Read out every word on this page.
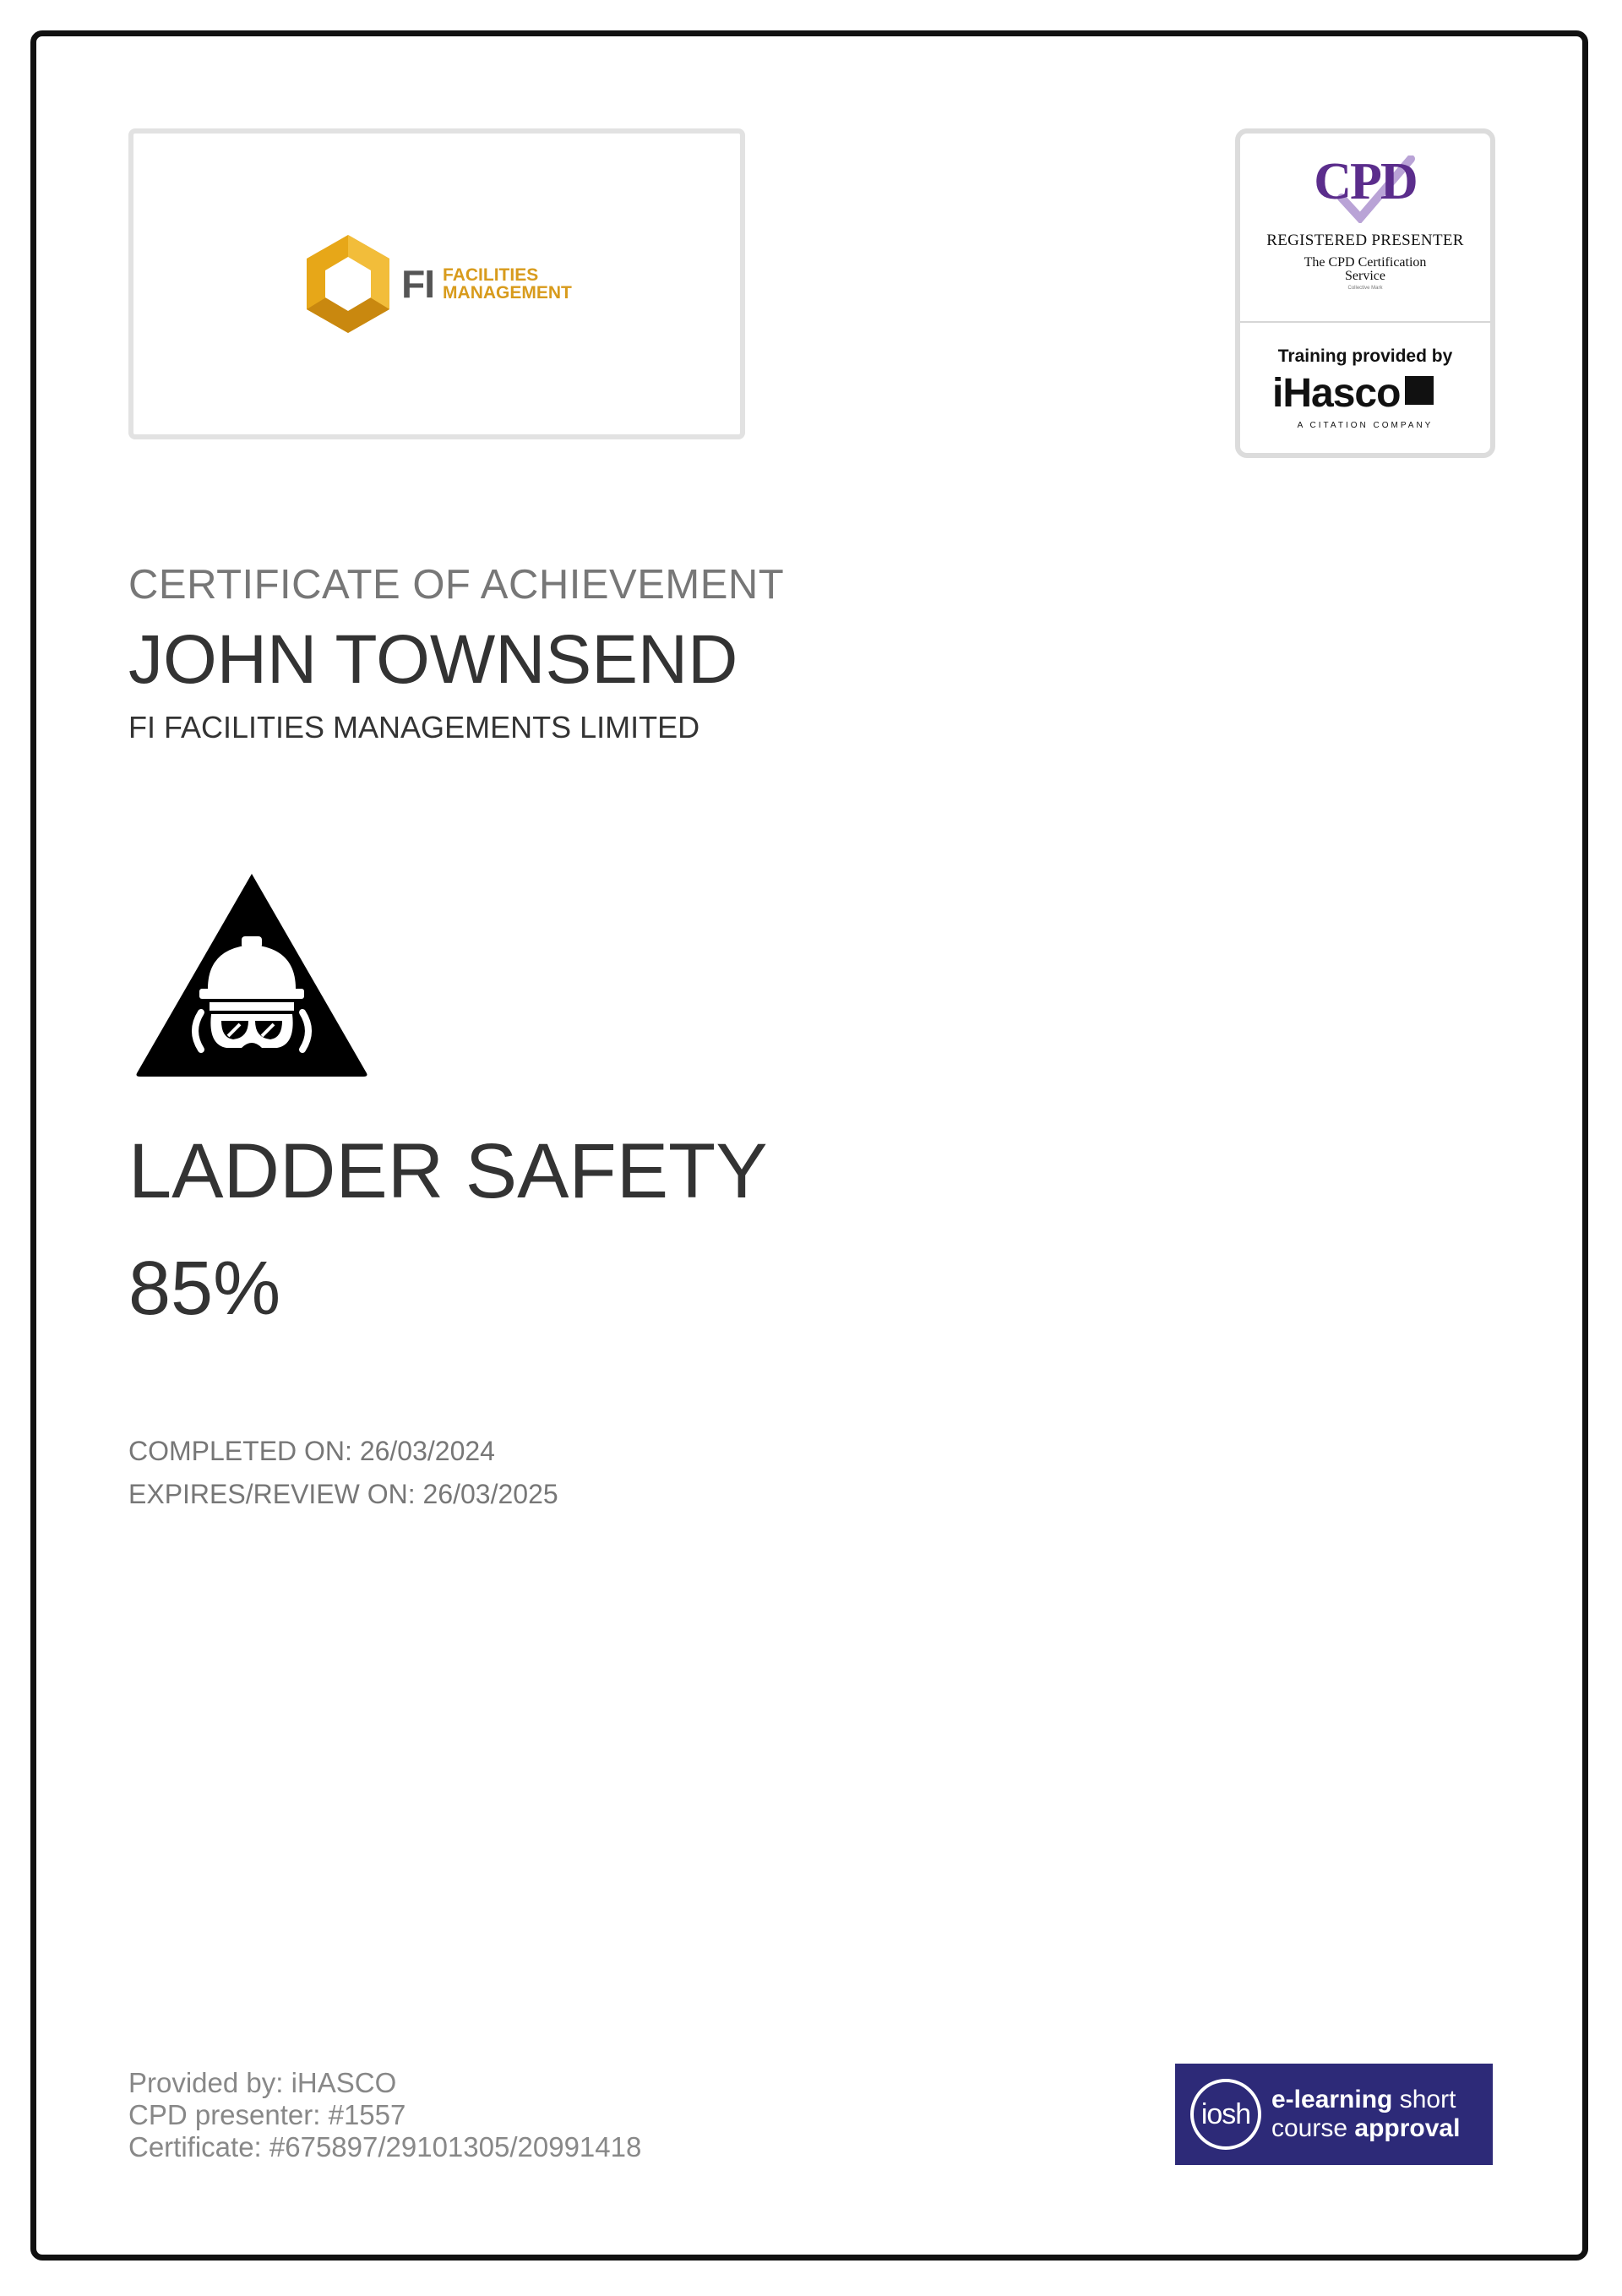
FI FACILITIES
MANAGEMENT
CPD
REGISTERED PRESENTER
The CPD Certification
Service
Collective Mark
Training provided by
iHasco
A CITATION COMPANY
CERTIFICATE OF ACHIEVEMENT
JOHN TOWNSEND
FI FACILITIES MANAGEMENTS LIMITED
LADDER SAFETY
85%
COMPLETED ON: 26/03/2024
EXPIRES/REVIEW ON: 26/03/2025
Provided by: iHASCO
CPD presenter: #1557
Certificate: #675897/29101305/20991418
iosh e-learning short
course approval
